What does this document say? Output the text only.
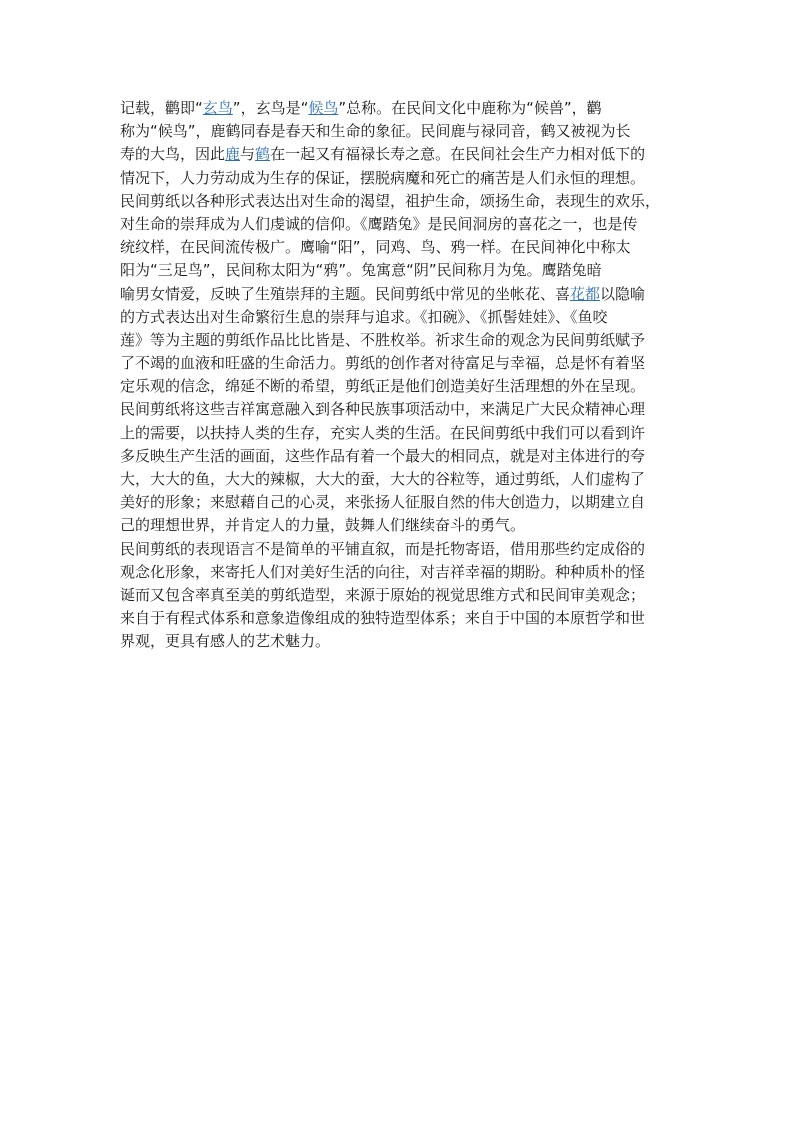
记载，鹳即“玄鸟”，玄鸟是“候鸟”总称。在民间文化中鹿称为“候兽”，鹳
称为“候鸟”，鹿鹤同春是春天和生命的象征。民间鹿与禄同音，鹤又被视为长
寿的大鸟，因此鹿与鹤在一起又有福禄长寿之意。在民间社会生产力相对低下的
情况下，人力劳动成为生存的保证，摆脱病魔和死亡的痛苦是人们永恒的理想。
民间剪纸以各种形式表达出对生命的渴望，祖护生命，颂扬生命，表现生的欢乐，
对生命的崇拜成为人们虔诚的信仰。《鹰踏兔》是民间洞房的喜花之一，也是传
统纹样，在民间流传极广。鹰喻“阳”，同鸡、鸟、鸦一样。在民间神化中称太
阳为“三足鸟”，民间称太阳为“鸦”。兔寓意“阴”民间称月为兔。鹰踏兔暗
喻男女情爱，反映了生殖崇拜的主题。民间剪纸中常见的坐帐花、喜花都以隐喻
的方式表达出对生命繁衍生息的崇拜与追求。《扣碗》、《抓髻娃娃》、《鱼咬
莲》等为主题的剪纸作品比比皆是、不胜枚举。祈求生命的观念为民间剪纸赋予
了不竭的血液和旺盛的生命活力。剪纸的创作者对待富足与幸福，总是怀有着坚
定乐观的信念，绵延不断的希望，剪纸正是他们创造美好生活理想的外在呈现。
民间剪纸将这些吉祥寓意融入到各种民族事项活动中，来满足广大民众精神心理
上的需要，以扶持人类的生存，充实人类的生活。在民间剪纸中我们可以看到许
多反映生产生活的画面，这些作品有着一个最大的相同点，就是对主体进行的夸
大，大大的鱼，大大的辣椒，大大的蚕，大大的谷粒等，通过剪纸，人们虚构了
美好的形象；来慰藉自己的心灵，来张扬人征服自然的伟大创造力，以期建立自
己的理想世界，并肯定人的力量，鼓舞人们继续奋斗的勇气。
民间剪纸的表现语言不是简单的平铺直叙，而是托物寄语，借用那些约定成俗的
观念化形象，来寄托人们对美好生活的向往，对吉祥幸福的期盼。种种质朴的怪
诞而又包含率真至美的剪纸造型，来源于原始的视觉思维方式和民间审美观念；
来自于有程式体系和意象造像组成的独特造型体系；来自于中国的本原哲学和世
界观，更具有感人的艺术魅力。
